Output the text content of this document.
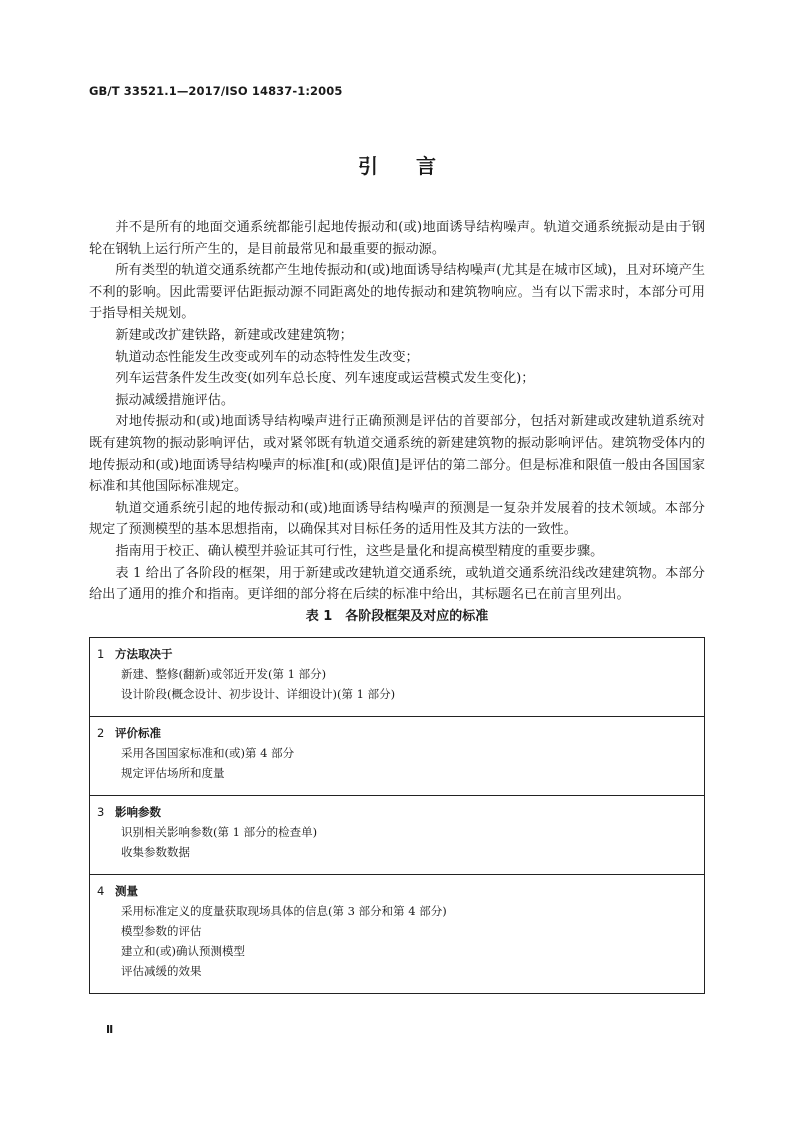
GB/T 33521.1—2017/ISO 14837-1:2005
引 言

并不是所有的地面交通系统都能引起地传振动和(或)地面诱导结构噪声。轨道交通系统振动是由于钢轮在钢轨上运行所产生的，是目前最常见和最重要的振动源。

所有类型的轨道交通系统都产生地传振动和(或)地面诱导结构噪声(尤其是在城市区域)，且对环境产生不利的影响。因此需要评估距振动源不同距离处的地传振动和建筑物响应。当有以下需求时，本部分可用于指导相关规划。

新建或改扩建铁路，新建或改建建筑物；

轨道动态性能发生改变或列车的动态特性发生改变；

列车运营条件发生改变(如列车总长度、列车速度或运营模式发生变化)；

振动减缓措施评估。

对地传振动和(或)地面诱导结构噪声进行正确预测是评估的首要部分，包括对新建或改建轨道系统对既有建筑物的振动影响评估，或对紧邻既有轨道交通系统的新建建筑物的振动影响评估。建筑物受体内的地传振动和(或)地面诱导结构噪声的标准[和(或)限值]是评估的第二部分。但是标准和限值一般由各国国家标准和其他国际标准规定。

轨道交通系统引起的地传振动和(或)地面诱导结构噪声的预测是一复杂并发展着的技术领域。本部分规定了预测模型的基本思想指南，以确保其对目标任务的适用性及其方法的一致性。

指南用于校正、确认模型并验证其可行性，这些是量化和提高模型精度的重要步骤。

表 1 给出了各阶段的框架，用于新建或改建轨道交通系统，或轨道交通系统沿线改建建筑物。本部分给出了通用的推介和指南。更详细的部分将在后续的标准中给出，其标题名已在前言里列出。

表 1　各阶段框架及对应的标准
1 方法取决于
新建、整修(翻新)或邻近开发(第 1 部分)
设计阶段(概念设计、初步设计、详细设计)(第 1 部分)
2 评价标准
采用各国国家标准和(或)第 4 部分
规定评估场所和度量
3 影响参数
识别相关影响参数(第 1 部分的检查单)
收集参数数据
4 测量
采用标准定义的度量获取现场具体的信息(第 3 部分和第 4 部分)
模型参数的评估
建立和(或)确认预测模型
评估减缓的效果
Ⅱ
